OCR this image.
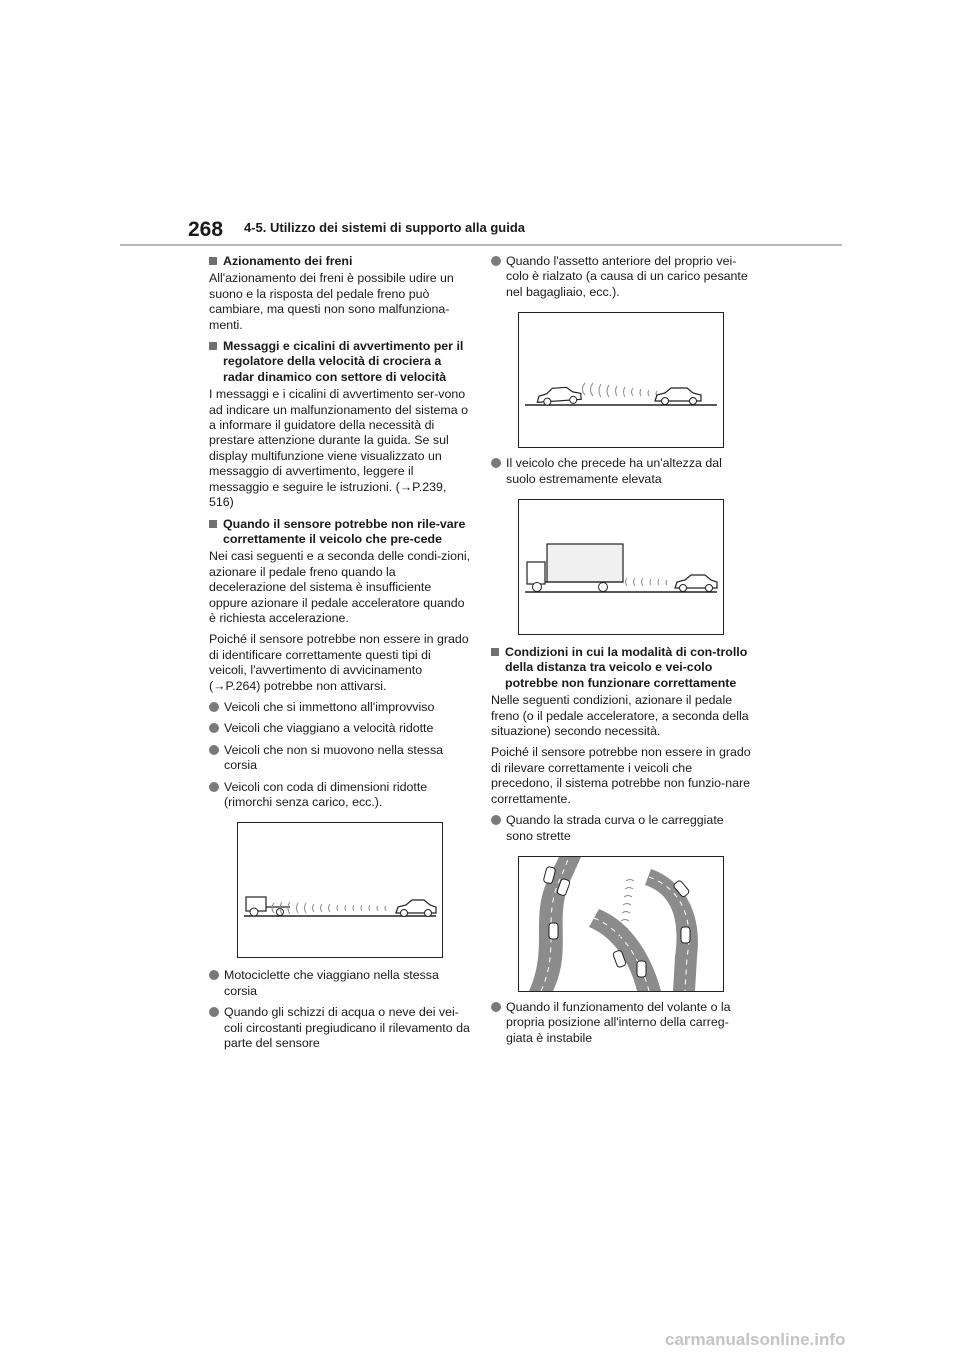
268 4-5. Utilizzo dei sistemi di supporto alla guida
Azionamento dei freni

All'azionamento dei freni è possibile udire un suono e la risposta del pedale freno può cambiare, ma questi non sono malfunziona-menti.

Messaggi e cicalini di avvertimento per il regolatore della velocità di crociera a radar dinamico con settore di velocità

I messaggi e i cicalini di avvertimento ser-vono ad indicare un malfunzionamento del sistema o a informare il guidatore della necessità di prestare attenzione durante la guida. Se sul display multifunzione viene visualizzato un messaggio di avvertimento, leggere il messaggio e seguire le istruzioni. (→P.239, 516)

Quando il sensore potrebbe non rile-vare correttamente il veicolo che pre-cede

Nei casi seguenti e a seconda delle condi-zioni, azionare il pedale freno quando la decelerazione del sistema è insufficiente oppure azionare il pedale acceleratore quando è richiesta accelerazione.

Poiché il sensore potrebbe non essere in grado di identificare correttamente questi tipi di veicoli, l'avvertimento di avvicinamento (→P.264) potrebbe non attivarsi.

Veicoli che si immettono all'improvviso
Veicoli che viaggiano a velocità ridotte
Veicoli che non si muovono nella stessa corsia
Veicoli con coda di dimensioni ridotte (rimorchi senza carico, ecc.).
Motociclette che viaggiano nella stessa corsia
Quando gli schizzi di acqua o neve dei vei-coli circostanti pregiudicano il rilevamento da parte del sensore
Quando l'assetto anteriore del proprio vei-colo è rialzato (a causa di un carico pesante nel bagagliaio, ecc.).
Il veicolo che precede ha un'altezza dal suolo estremamente elevata
Condizioni in cui la modalità di con-trollo della distanza tra veicolo e vei-colo potrebbe non funzionare correttamente

Nelle seguenti condizioni, azionare il pedale freno (o il pedale acceleratore, a seconda della situazione) secondo necessità.

Poiché il sensore potrebbe non essere in grado di rilevare correttamente i veicoli che precedono, il sistema potrebbe non funzio-nare correttamente.

Quando la strada curva o le carreggiate sono strette
Quando il funzionamento del volante o la propria posizione all'interno della carreg-giata è instabile
carmanualsonline.info
